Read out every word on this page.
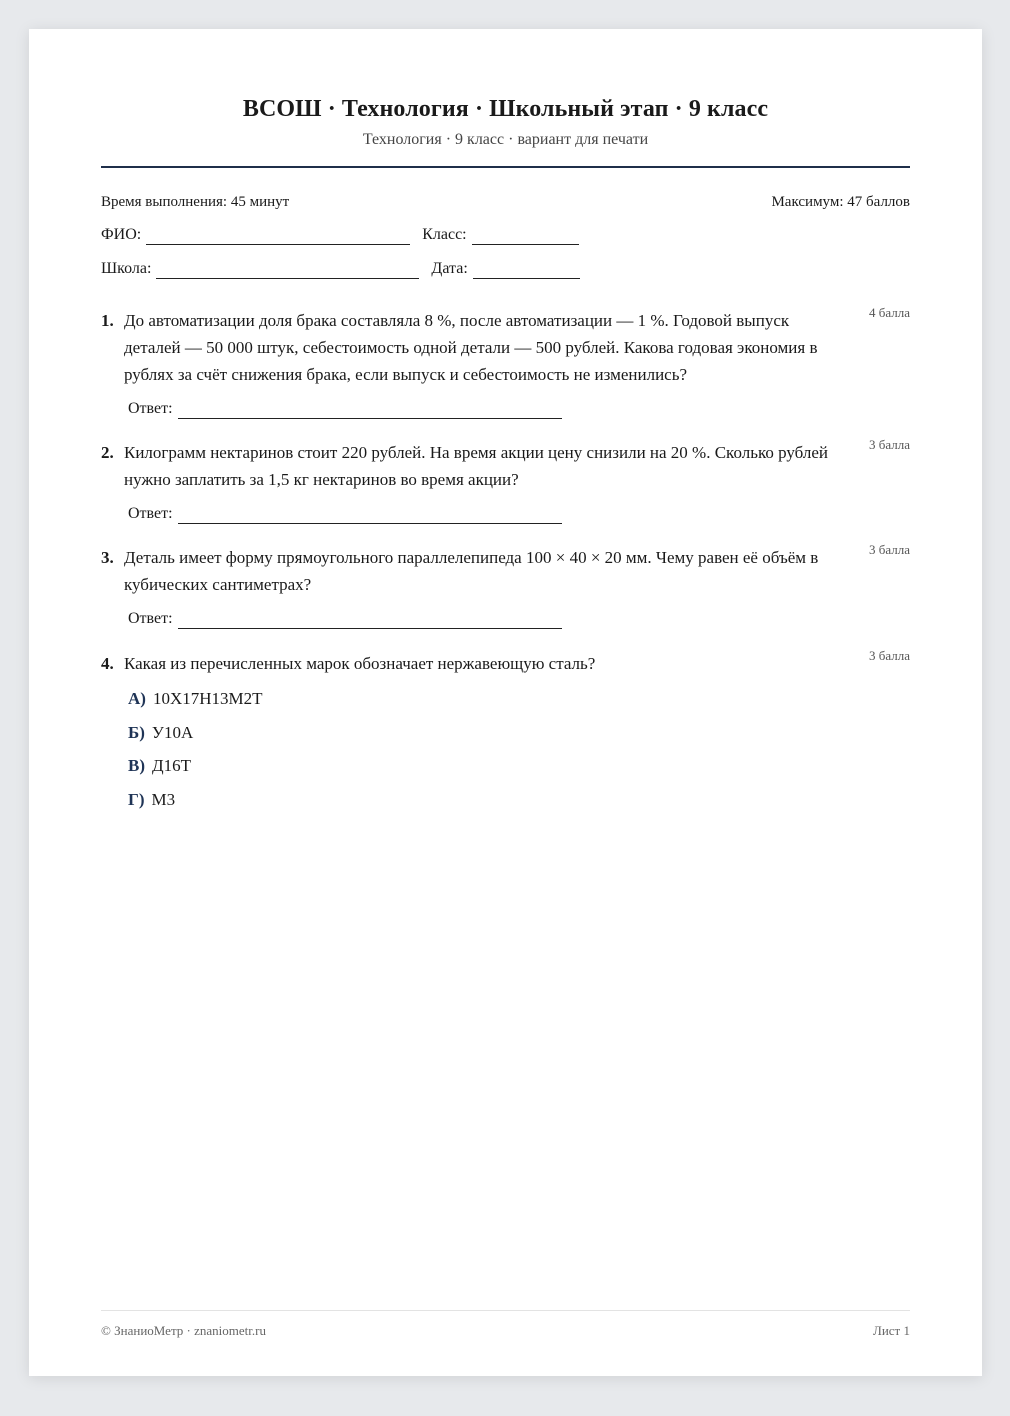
ВСОШ · Технология · Школьный этап · 9 класс
Технология · 9 класс · вариант для печати
Время выполнения: 45 минут	Максимум: 47 баллов
ФИО:	Класс:
Школа:	Дата:
1. До автоматизации доля брака составляла 8 %, после автоматизации — 1 %. Годовой выпуск деталей — 50 000 штук, себестоимость одной детали — 500 рублей. Какова годовая экономия в рублях за счёт снижения брака, если выпуск и себестоимость не изменились?
4 балла
Ответ:
2. Килограмм нектаринов стоит 220 рублей. На время акции цену снизили на 20 %. Сколько рублей нужно заплатить за 1,5 кг нектаринов во время акции?
3 балла
Ответ:
3. Деталь имеет форму прямоугольного параллелепипеда 100 × 40 × 20 мм. Чему равен её объём в кубических сантиметрах?
3 балла
Ответ:
4. Какая из перечисленных марок обозначает нержавеющую сталь?	3 балла
А) 10Х17Н13М2Т
Б) У10А
В) Д16Т
Г) М3
© ЗнаниоМетр · znaniometr.ru	Лист 1
